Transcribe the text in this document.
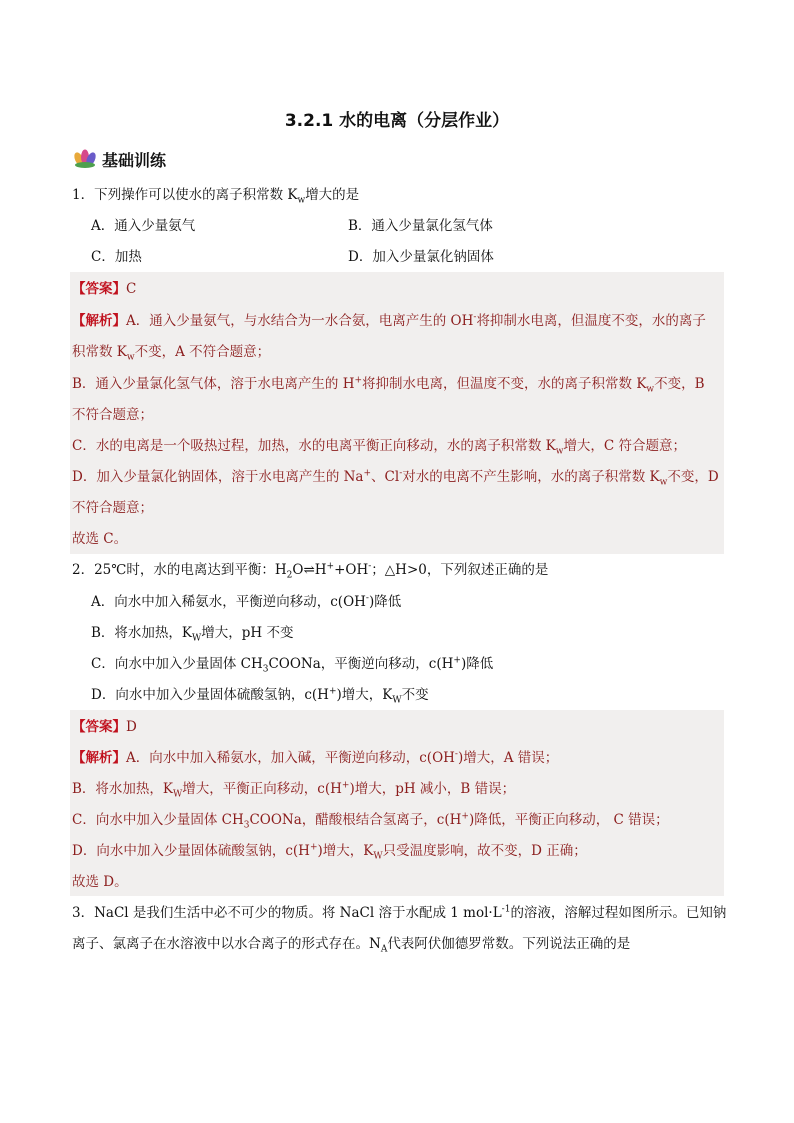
3.2.1 水的电离（分层作业）
基础训练
1．下列操作可以使水的离子积常数 $K_w$增大的是
A．通入少量氨气	B．通入少量氯化氢气体
C．加热	D．加入少量氯化钠固体
【答案】C
【解析】A．通入少量氨气，与水结合为一水合氨，电离产生的 OH-将抑制水电离，但温度不变，水的离子
积常数 $K_w$不变，A 不符合题意；
B．通入少量氯化氢气体，溶于水电离产生的 H+将抑制水电离，但温度不变，水的离子积常数 $K_w$不变，B
不符合题意；
C．水的电离是一个吸热过程，加热，水的电离平衡正向移动，水的离子积常数 $K_w$增大，C 符合题意；
D．加入少量氯化钠固体，溶于水电离产生的 Na+、Cl-对水的电离不产生影响，水的离子积常数 $K_w$不变，D
不符合题意；
故选 C。
2．25℃时，水的电离达到平衡：$H_2O\rightleftharpoons H^++OH^-$；△H>0，下列叙述正确的是
A．向水中加入稀氨水，平衡逆向移动，c(OH-)降低
B．将水加热，$K_W$增大，pH 不变
C．向水中加入少量固体 $CH_3COONa$，平衡逆向移动，c(H+)降低
D．向水中加入少量固体硫酸氢钠，c(H+)增大，$K_W$不变
【答案】D
【解析】A．向水中加入稀氨水，加入碱，平衡逆向移动，c(OH-)增大，A 错误；
B．将水加热，$K_W$增大，平衡正向移动，c(H+)增大，pH 减小，B 错误；
C．向水中加入少量固体 $CH_3COONa$，醋酸根结合氢离子，c(H+)降低，平衡正向移动， C 错误；
D．向水中加入少量固体硫酸氢钠，c(H+)增大，$K_W$只受温度影响，故不变，D 正确；
故选 D。
3．NaCl 是我们生活中必不可少的物质。将 NaCl 溶于水配成 1 $mol\cdot L^{-1}$的溶液，溶解过程如图所示。已知钠
离子、氯离子在水溶液中以水合离子的形式存在。$N_A$代表阿伏伽德罗常数。下列说法正确的是
